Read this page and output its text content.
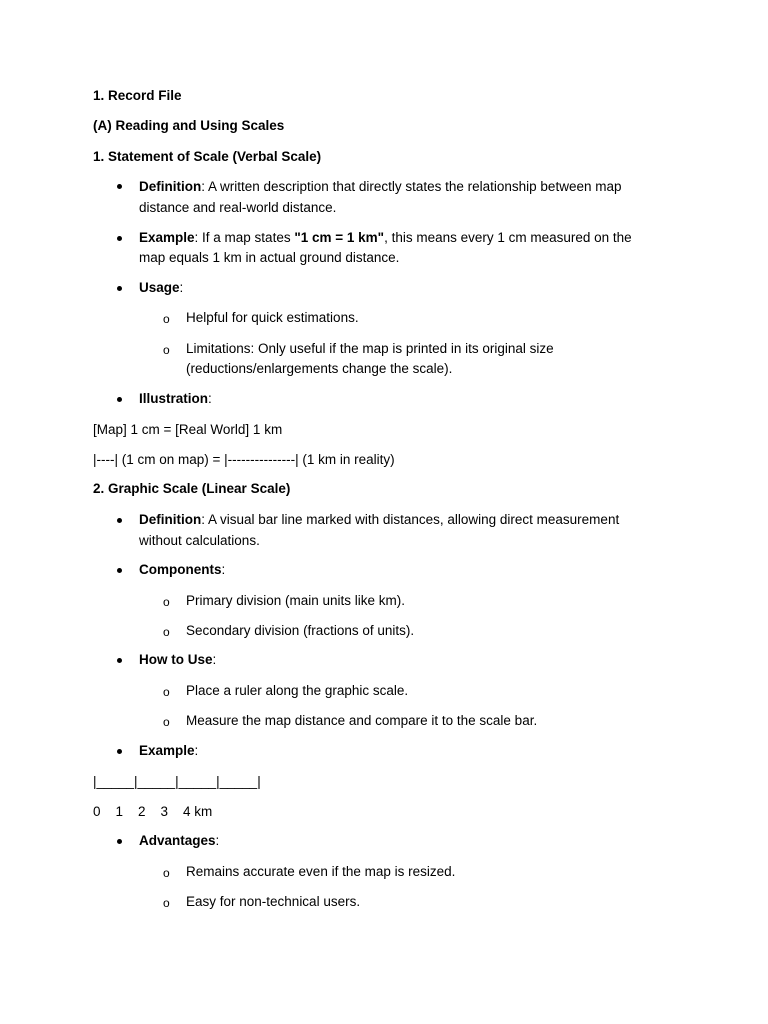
1. Record File
(A) Reading and Using Scales
1. Statement of Scale (Verbal Scale)
Definition: A written description that directly states the relationship between map
distance and real-world distance.
Example: If a map states "1 cm = 1 km", this means every 1 cm measured on the
map equals 1 km in actual ground distance.
Usage:
o Helpful for quick estimations.
o Limitations: Only useful if the map is printed in its original size
(reductions/enlargements change the scale).
Illustration:
[Map] 1 cm = [Real World] 1 km
|----| (1 cm on map) = |---------------| (1 km in reality)
2. Graphic Scale (Linear Scale)
Definition: A visual bar line marked with distances, allowing direct measurement
without calculations.
Components:
o Primary division (main units like km).
o Secondary division (fractions of units).
How to Use:
o Place a ruler along the graphic scale.
o Measure the map distance and compare it to the scale bar.
Example:
|_____|_____|_____|_____|
0    1    2    3    4 km
Advantages:
o Remains accurate even if the map is resized.
o Easy for non-technical users.
